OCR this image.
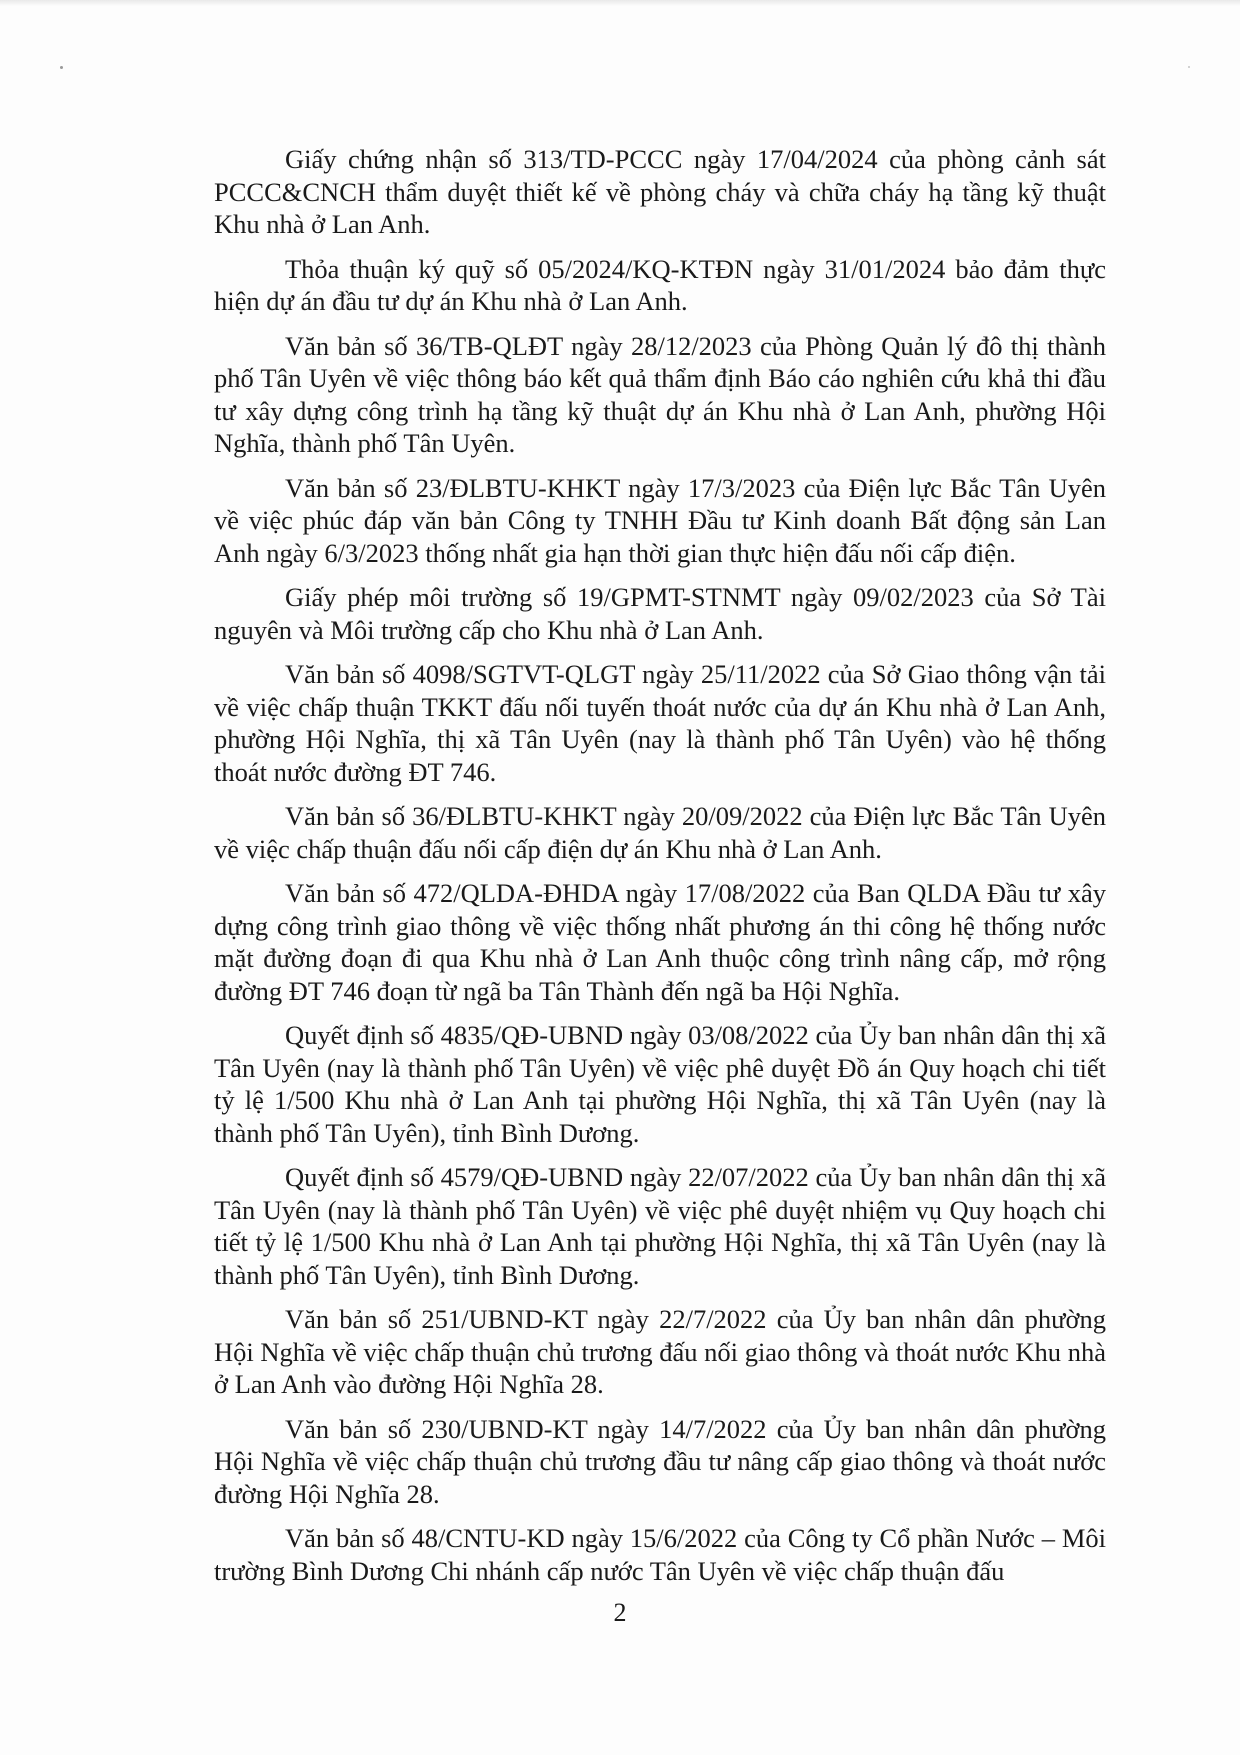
Giấy chứng nhận số 313/TD-PCCC ngày 17/04/2024 của phòng cảnh sát PCCC&CNCH thẩm duyệt thiết kế về phòng cháy và chữa cháy hạ tầng kỹ thuật Khu nhà ở Lan Anh.

Thỏa thuận ký quỹ số 05/2024/KQ-KTĐN ngày 31/01/2024 bảo đảm thực hiện dự án đầu tư dự án Khu nhà ở Lan Anh.

Văn bản số 36/TB-QLĐT ngày 28/12/2023 của Phòng Quản lý đô thị thành phố Tân Uyên về việc thông báo kết quả thẩm định Báo cáo nghiên cứu khả thi đầu tư xây dựng công trình hạ tầng kỹ thuật dự án Khu nhà ở Lan Anh, phường Hội Nghĩa, thành phố Tân Uyên.

Văn bản số 23/ĐLBTU-KHKT ngày 17/3/2023 của Điện lực Bắc Tân Uyên về việc phúc đáp văn bản Công ty TNHH Đầu tư Kinh doanh Bất động sản Lan Anh ngày 6/3/2023 thống nhất gia hạn thời gian thực hiện đấu nối cấp điện.

Giấy phép môi trường số 19/GPMT-STNMT ngày 09/02/2023 của Sở Tài nguyên và Môi trường cấp cho Khu nhà ở Lan Anh.

Văn bản số 4098/SGTVT-QLGT ngày 25/11/2022 của Sở Giao thông vận tải về việc chấp thuận TKKT đấu nối tuyến thoát nước của dự án Khu nhà ở Lan Anh, phường Hội Nghĩa, thị xã Tân Uyên (nay là thành phố Tân Uyên) vào hệ thống thoát nước đường ĐT 746.

Văn bản số 36/ĐLBTU-KHKT ngày 20/09/2022 của Điện lực Bắc Tân Uyên về việc chấp thuận đấu nối cấp điện dự án Khu nhà ở Lan Anh.

Văn bản số 472/QLDA-ĐHDA ngày 17/08/2022 của Ban QLDA Đầu tư xây dựng công trình giao thông về việc thống nhất phương án thi công hệ thống nước mặt đường đoạn đi qua Khu nhà ở Lan Anh thuộc công trình nâng cấp, mở rộng đường ĐT 746 đoạn từ ngã ba Tân Thành đến ngã ba Hội Nghĩa.

Quyết định số 4835/QĐ-UBND ngày 03/08/2022 của Ủy ban nhân dân thị xã Tân Uyên (nay là thành phố Tân Uyên) về việc phê duyệt Đồ án Quy hoạch chi tiết tỷ lệ 1/500 Khu nhà ở Lan Anh tại phường Hội Nghĩa, thị xã Tân Uyên (nay là thành phố Tân Uyên), tỉnh Bình Dương.

Quyết định số 4579/QĐ-UBND ngày 22/07/2022 của Ủy ban nhân dân thị xã Tân Uyên (nay là thành phố Tân Uyên) về việc phê duyệt nhiệm vụ Quy hoạch chi tiết tỷ lệ 1/500 Khu nhà ở Lan Anh tại phường Hội Nghĩa, thị xã Tân Uyên (nay là thành phố Tân Uyên), tỉnh Bình Dương.

Văn bản số 251/UBND-KT ngày 22/7/2022 của Ủy ban nhân dân phường Hội Nghĩa về việc chấp thuận chủ trương đấu nối giao thông và thoát nước Khu nhà ở Lan Anh vào đường Hội Nghĩa 28.

Văn bản số 230/UBND-KT ngày 14/7/2022 của Ủy ban nhân dân phường Hội Nghĩa về việc chấp thuận chủ trương đầu tư nâng cấp giao thông và thoát nước đường Hội Nghĩa 28.

Văn bản số 48/CNTU-KD ngày 15/6/2022 của Công ty Cổ phần Nước – Môi trường Bình Dương Chi nhánh cấp nước Tân Uyên về việc chấp thuận đấu

2
